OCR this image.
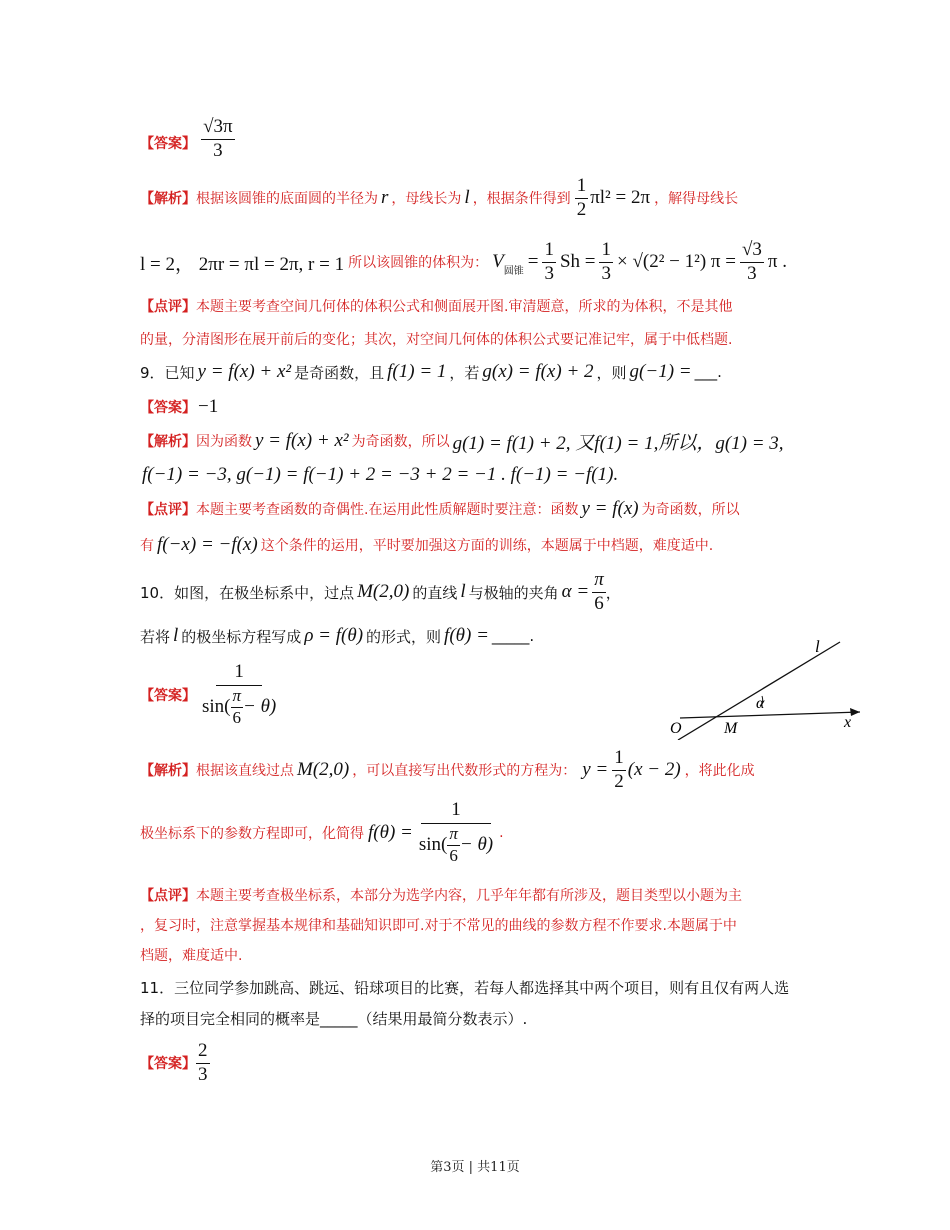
【答案】 $\frac{√3\pi}{3}$
【解析】 根据该圆锥的底面圆的半径为 r ，母线长为 l ，根据条件得到 $\frac{1}{2} \pi l^2 = 2\pi$ ，解得母线长
l = 2， 2πr = πl = 2π, r = 1 所以该圆锥的体积为： V 圆锥 = $\frac{1}{3}$ $Sh = \frac{1}{3} \times √(2^2 - 1^2) \pi = \frac{√3}{3}$ π .
【点评】本题主要考查空间几何体的体积公式和侧面展开图.审清题意，所求的为体积，不是其他
的量，分清图形在展开前后的变化；其次，对空间几何体的体积公式要记准记牢，属于中低档题.
9．已知 y = f(x) + x² 是奇函数，且 f(1) = 1 ，若 g(x) = f(x) + 2 ，则 g(−1) = ___.
【答案】 −1
【解析】 因为函数 y = f(x) + x² 为奇函数，所以 g(1) = f(1) + 2, 又f(1) = 1,所以，g(1) = 3,
f(−1) = −3, g(−1) = f(−1) + 2 = −3 + 2 = −1 . f(−1) = −f(1).
【点评】 本题主要考查函数的奇偶性.在运用此性质解题时要注意：函数 y = f(x) 为奇函数，所以
有 f(−x) = −f(x) 这个条件的运用，平时要加强这方面的训练，本题属于中档题，难度适中.
10．如图，在极坐标系中，过点 M(2,0) 的直线 l 与极轴的夹角 $\alpha = \frac{\pi}{6}$ ，
若将 l 的极坐标方程写成 ρ = f(θ) 的形式，则 f(θ) = _____.
【答案】 $\frac{1}{\sin( \frac{\pi}{6} - \theta)}$
l
α
O	M	x
【解析】 根据该直线过点 M(2,0) ，可以直接写出代数形式的方程为： $y = \frac{1}{2} (x - 2)$ ，将此化成
极坐标系下的参数方程即可，化简得 $f(\theta) = \frac{1}{\sin( \frac{\pi}{6} - \theta)}$ .
【点评】本题主要考查极坐标系，本部分为选学内容，几乎年年都有所涉及，题目类型以小题为主
，复习时，注意掌握基本规律和基础知识即可.对于不常见的曲线的参数方程不作要求.本题属于中
档题，难度适中.
11．三位同学参加跳高、跳远、铅球项目的比赛，若每人都选择其中两个项目，则有且仅有两人选
择的项目完全相同的概率是_____（结果用最简分数表示）.
【答案】 $\frac{2}{3}$
第3页 | 共11页
